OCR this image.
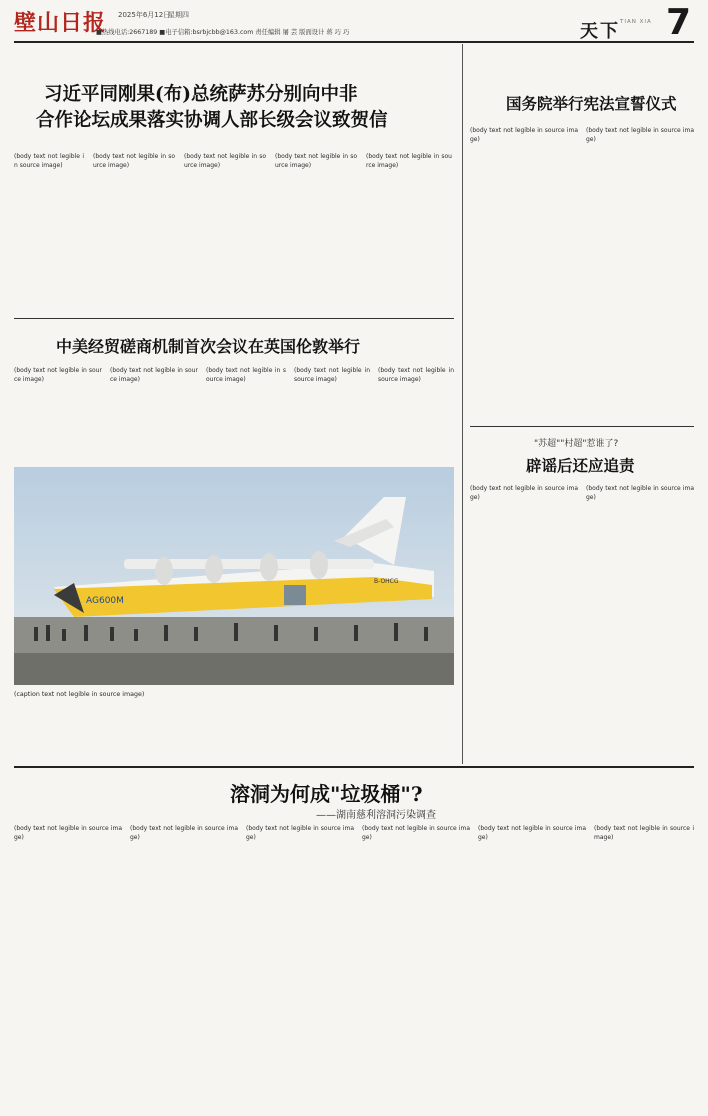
壁山日报 2025年6月12日
星期四
■热线电话:2667189 ■电子信箱:bsrbjcbb@163.com 责任编辑 屠 芸 版面设计 蒋 巧 巧	天下 TIAN XIA 7
习近平同刚果(布)总统萨苏分别向中非
合作论坛成果落实协调人部长级会议致贺信
(body text not legible in source image)
(body text not legible in source image)
(body text not legible in source image)
(body text not legible in source image)
(body text not legible in source image)
中美经贸磋商机制首次会议在英国伦敦举行
(body text not legible in source image)
(body text not legible in source image)
(body text not legible in source image)
(body text not legible in source image)
(body text not legible in source image)
国务院举行宪法宣誓仪式
(body text not legible in source image)
(body text not legible in source image)
"苏超""村超"惹谁了?
辟谣后还应追责
(body text not legible in source image)
(body text not legible in source image)
AG600M
B-OHCG
(caption text not legible in source image)
溶洞为何成"垃圾桶"?
——湖南慈利溶洞污染调查
(body text not legible in source image)
(body text not legible in source image)
(body text not legible in source image)
(body text not legible in source image)
(body text not legible in source image)
(body text not legible in source image)
